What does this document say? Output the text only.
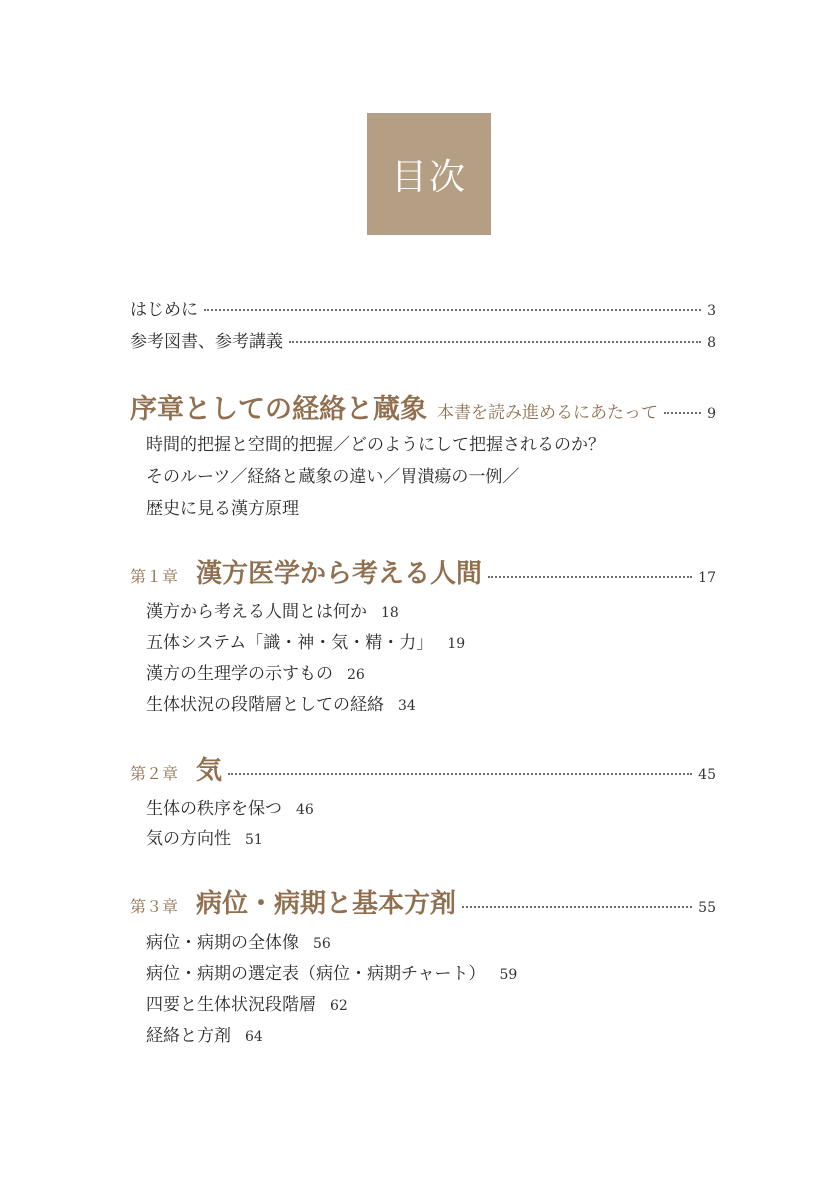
目次
はじめに	3
参考図書、参考講義	8
序章としての経絡と蔵象 本書を読み進めるにあたって	9
時間的把握と空間的把握／どのようにして把握されるのか？
そのルーツ／経絡と蔵象の違い／胃潰瘍の一例／
歴史に見る漢方原理
第１章 漢方医学から考える人間	17
漢方から考える人間とは何か 18
五体システム「識・神・気・精・力」 19
漢方の生理学の示すもの 26
生体状況の段階層としての経絡 34
第２章 気	45
生体の秩序を保つ 46
気の方向性 51
第３章 病位・病期と基本方剤	55
病位・病期の全体像 56
病位・病期の選定表（病位・病期チャート） 59
四要と生体状況段階層 62
経絡と方剤 64
